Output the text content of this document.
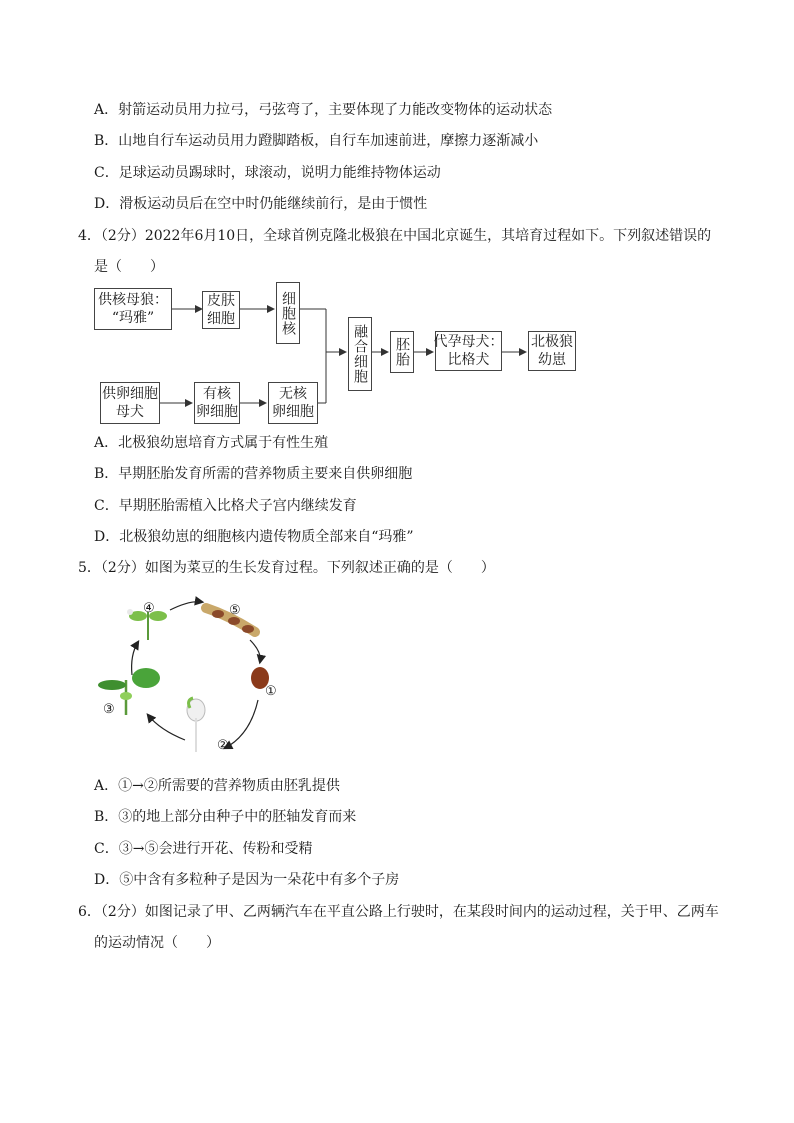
A．射箭运动员用力拉弓，弓弦弯了，主要体现了力能改变物体的运动状态
B．山地自行车运动员用力蹬脚踏板，自行车加速前进，摩擦力逐渐减小
C．足球运动员踢球时，球滚动，说明力能维持物体运动
D．滑板运动员后在空中时仍能继续前行，是由于惯性
4．（2分）2022年6月10日，全球首例克隆北极狼在中国北京诞生，其培育过程如下。下列叙述错误的
是（　　）
供核母狼：
“玛雅”
皮肤
细胞	细胞核
供卵细胞
母犬
有核
卵细胞
无核
卵细胞
融合细胞 胚胎 代孕母犬：
比格犬
北极狼
幼崽
A．北极狼幼崽培育方式属于有性生殖
B．早期胚胎发育所需的营养物质主要来自供卵细胞
C．早期胚胎需植入比格犬子宫内继续发育
D．北极狼幼崽的细胞核内遗传物质全部来自“玛雅”
5．（2分）如图为菜豆的生长发育过程。下列叙述正确的是（　　）
④	⑤
①
②
③
A．①→②所需要的营养物质由胚乳提供
B．③的地上部分由种子中的胚轴发育而来
C．③→⑤会进行开花、传粉和受精
D．⑤中含有多粒种子是因为一朵花中有多个子房
6．（2分）如图记录了甲、乙两辆汽车在平直公路上行驶时，在某段时间内的运动过程，关于甲、乙两车
的运动情况（　　）
